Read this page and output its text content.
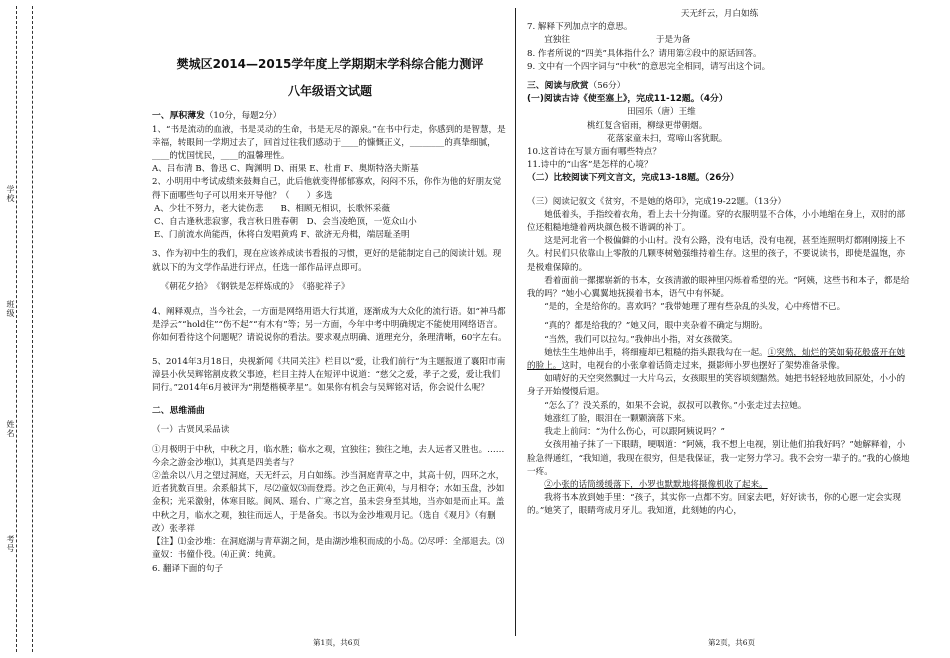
学校
班级
姓名
考号
樊城区2014—2015学年度上学期期末学科综合能力测评
八年级语文试题
一、厚积薄发（10分，每题2分）

1、“书是流动的血液，书是灵动的生命，书是无尽的源泉。”在书中行走，你感到的是智慧，是幸福，转眼间一学期过去了，回首过往我们感动于____的慷慨正义，________的真挚细腻，____的忧国忧民，____的温馨理性。

A、吕布清 B、鲁迅 C、陶渊明 D、雨果 E、杜甫 F、奥斯特洛夫斯基

2、小明用中考试成绩来鼓舞自己，此后他就变得郁郁寡欢，闷闷不乐，你作为他的好朋友觉得下面哪些句子可以用来开导他？（　　）多选

A、少壮不努力，老大徒伤悲　　B、相顾无相识，长歌怀采薇

C、自古逢秋悲寂寥，我言秋日胜春朝　D、会当凌绝顶，一览众山小

E、门前流水尚能西，休将白发唱黄鸡 F、欲济无舟楫，端居耻圣明

3、作为初中生的我们，现在应该养成读书看报的习惯，更好的是能制定自己的阅读计划。现就以下的为文学作品进行评点，任选一部作品评点即可。

《朝花夕拾》　《钢铁是怎样炼成的》　《骆驼祥子》

4、阐释观点，当今社会，一方面是网络用语大行其道，逐渐成为大众化的流行语。如“神马都是浮云”“hold住”“伤不起”“有木有”等；另一方面，今年中考中明确规定不能使用网络语言。你如何看待这个问题呢？请说说你的看法。要求观点明确、道理充分，条理清晰，60字左右。

5、2014年3月18日，央视新闻《共同关注》栏目以“爱，让我们前行”为主题报道了襄阳市南漳县小伙吴辉铭割皮救父事迹，栏目主持人在短评中说道：“慈父之爱，孝子之爱，爱让我们同行。”2014年6月被评为“荆楚楷模孝星”。如果你有机会与吴辉铭对话，你会说什么呢？

二、思维涌曲

（一）古贤风采品读

①月极明于中秋，中秋之月，临水胜；临水之观，宜独往；独往之地，去人远者又胜也。……今余之游金沙堆⑴，其真是四美者与？

②盖余以八月之望过洞庭，天无纤云，月白如练。沙当洞庭青草之中，其高十仞，四环之水，近者犹数百里。余系船其下，尽⑵童奴⑶而登焉。沙之色正黄⑷，与月相夺；水如玉盘，沙如金积；光采激射，体寒目眩。阆风、瑶台、广寒之宫，虽未尝身至其地，当亦如是而止耳。盖中秋之月，临水之观，独往而远人，于是备矣。书以为金沙堆观月记。（选自《观月》（有删改）张孝祥

【注】⑴金沙堆：在洞庭湖与青草湖之间，是由湖沙堆积而成的小岛。⑵尽呼：全部退去。⑶童奴：书僮仆役。⑷正黄：纯黄。

6. 翻译下面的句子

天无纤云，月白如练

7. 解释下列加点字的意思。

宜独往　　　　　　　　　　于是为备

8. 作者所说的“四美”具体指什么？请用第②段中的原话回答。

9. 文中有一个四字词与“中秋”的意思完全相同，请写出这个词。

三、阅读与欣赏（56分）

(一)阅读古诗《使至塞上》，完成11-12题。（4分）

田园乐（唐）王维

桃红复含宿雨，柳绿更带朝烟。

花落家童未扫，莺啼山客犹眠。

10.这首诗在写景方面有哪些特点？

11.诗中的“山客”是怎样的心境？

（二）比较阅读下列文言文，完成13-18题。（26分）

（三）阅读记叙文《贫穷，不是她的烙印》，完成19-22题。（13分）

她低着头，手指绞着衣角，看上去十分拘谨。穿的衣服明显不合体，小小地缩在身上，双肘的部位还粗糙地缝着两块颜色极不谐调的补丁。

这是河北省一个极偏僻的小山村。没有公路，没有电话，没有电视，甚至连照明灯都刚刚接上不久。村民们只依靠山上零散的几颗枣树勉强维持着生存。这里的孩子，不要说读书，即使是温饱，亦是极难保障的。

看着面前一摞摞崭新的书本，女孩清澈的眼神里闪烁着希望的光。“阿姨，这些书和本子，都是给我的吗？”她小心翼翼地抚摸着书本，语气中有怀疑。

“是的，全是给你的。喜欢吗？”我带她理了理有些杂乱的头发，心中疼惜不已。

“真的？都是给我的？”她又问，眼中夹杂着不确定与期盼。

“当然，我们可以拉勾。”我伸出小指，对女孩微笑。

她怯生生地伸出手，将细瘦却已粗糙的指头跟我勾在一起。①突然，灿烂的笑如菊花般盛开在她的脸上。这时，电视台的小张拿着话筒走过来，摄影师小罗也摆好了架势准备录像。

如晴好的天空突然飘过一大片乌云，女孩眼里的笑容顷刻黯然。她把书轻轻地放回原处，小小的身子开始慢慢后退。

“怎么了？没关系的，如果不会说，叔叔可以教你。”小张走过去拉她。

她涨红了脸，眼泪在一颗颗滴落下来。

我走上前问：“为什么伤心，可以跟阿姨说吗？”

女孩用袖子抹了一下眼睛，哽咽道：“阿姨，我不想上电视，别让他们拍我好吗？”她解释着，小脸急得通红，“我知道，我现在很穷，但是我保证，我一定努力学习。我不会穷一辈子的。”我的心倏地一疼。

②小张的话筒缓缓落下，小罗也默默地将摄像机收了起来。

我将书本放到她手里：“孩子，其实你一点都不穷。回家去吧，好好读书，你的心愿一定会实现的。”她笑了，眼睛弯成月牙儿。我知道，此刻她的内心，

第1页，共6页	第2页，共6页
